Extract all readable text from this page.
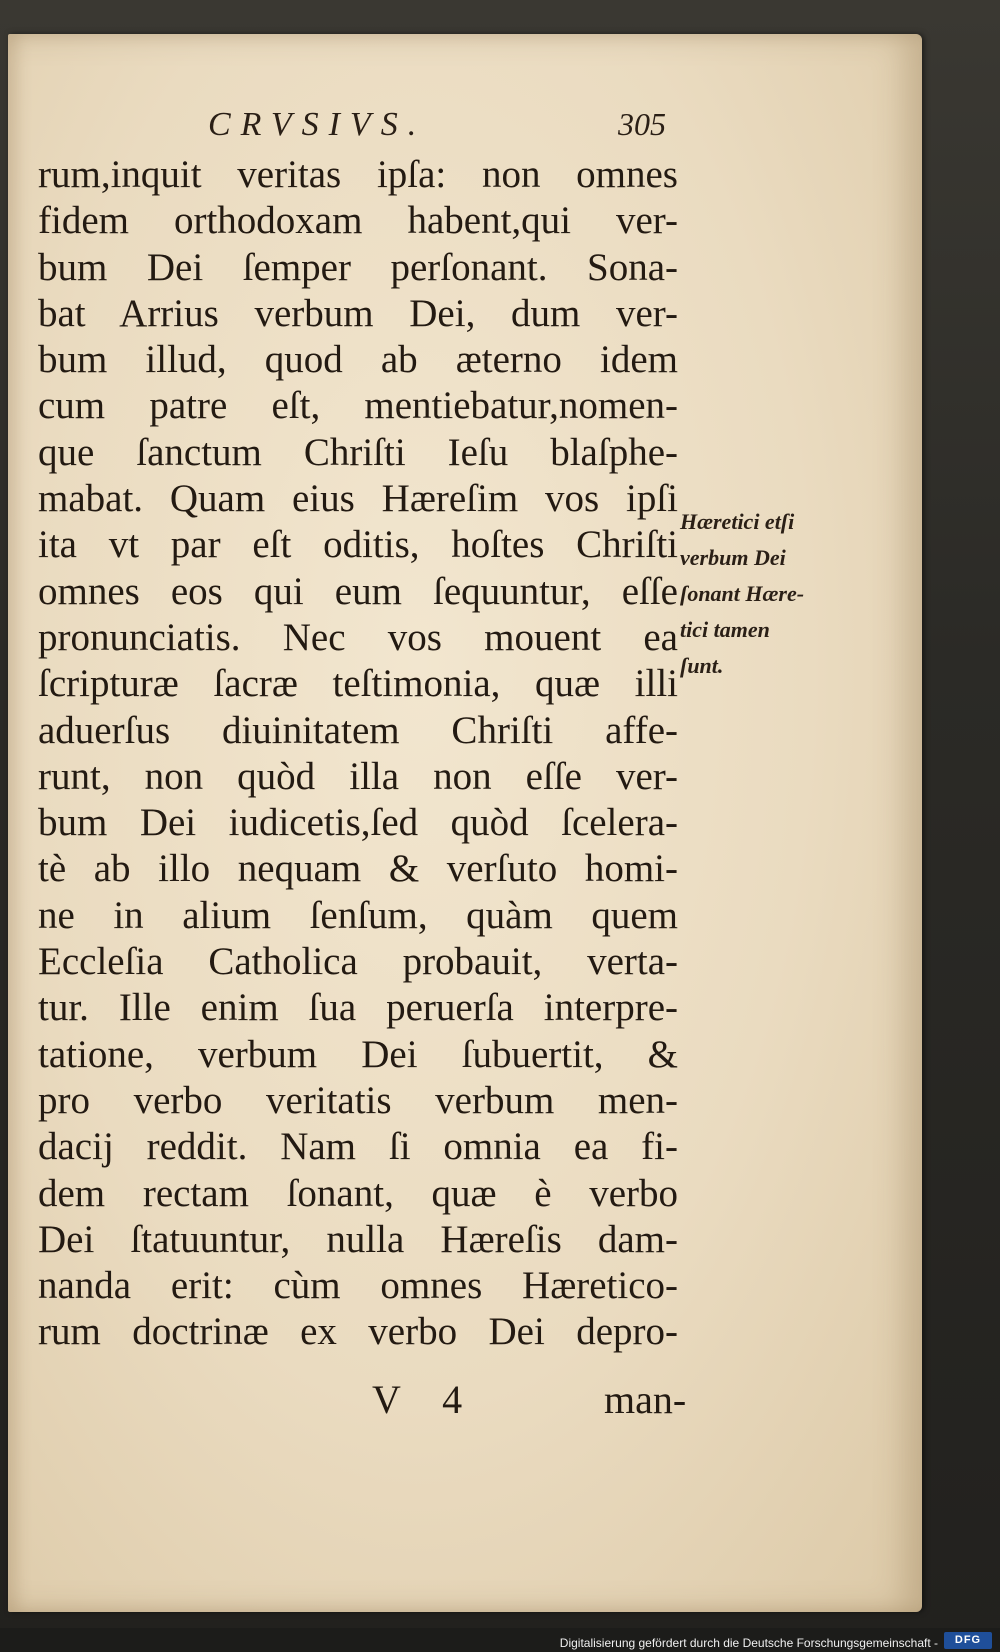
CRVSIVS.	305
rum,inquit veritas ipſa: non omnes
fidem orthodoxam habent,qui ver-
bum Dei ſemper perſonant. Sona-
bat Arrius verbum Dei, dum ver-
bum illud, quod ab æterno idem
cum patre eſt, mentiebatur,nomen-
que ſanctum Chriſti Ieſu blaſphe-
mabat. Quam eius Hæreſim vos ipſi
ita vt par eſt oditis, hoſtes Chriſti
omnes eos qui eum ſequuntur, eſſe
pronunciatis. Nec vos mouent ea
ſcripturæ ſacræ teſtimonia, quæ illi
aduerſus diuinitatem Chriſti affe-
runt, non quòd illa non eſſe ver-
bum Dei iudicetis,ſed quòd ſcelera-
tè ab illo nequam & verſuto homi-
ne in alium ſenſum, quàm quem
Eccleſia Catholica probauit, verta-
tur. Ille enim ſua peruerſa interpre-
tatione, verbum Dei ſubuertit, &
pro verbo veritatis verbum men-
dacij reddit. Nam ſi omnia ea fi-
dem rectam ſonant, quæ è verbo
Dei ſtatuuntur, nulla Hæreſis dam-
nanda erit: cùm omnes Hæretico-
rum doctrinæ ex verbo Dei depro-
Hæretici etſi
verbum Dei
ſonant Hære-
tici tamen
ſunt.
V 4	man-
Digitalisierung gefördert durch die Deutsche Forschungsgemeinschaft -	DFG
